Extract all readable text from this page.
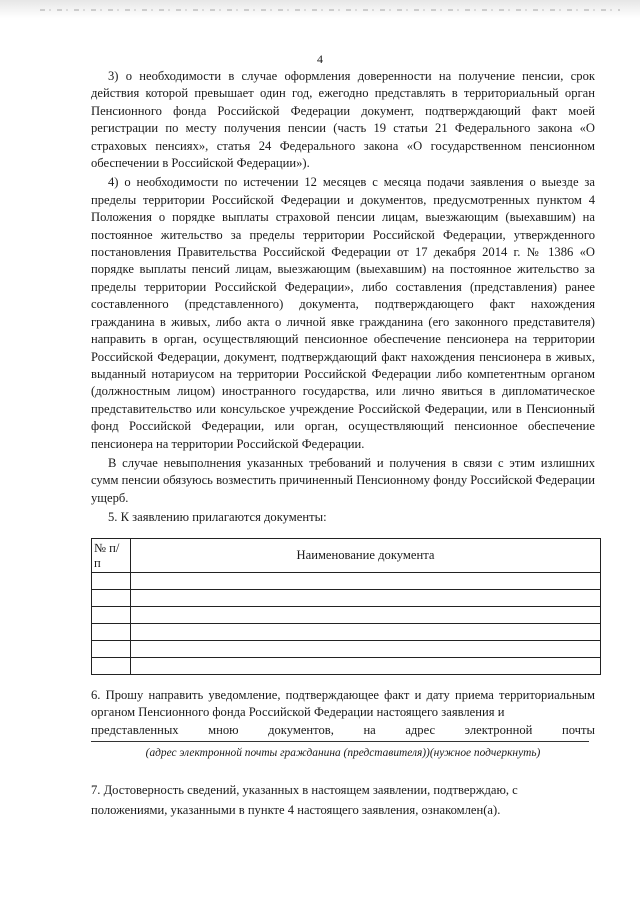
4

3) о необходимости в случае оформления доверенности на получение пенсии, срок действия которой превышает один год, ежегодно представлять в территориальный орган Пенсионного фонда Российской Федерации документ, подтверждающий факт моей регистрации по месту получения пенсии (часть 19 статьи 21 Федерального закона «О страховых пенсиях», статья 24 Федерального закона «О государственном пенсионном обеспечении в Российской Федерации»).

4) о необходимости по истечении 12 месяцев с месяца подачи заявления о выезде за пределы территории Российской Федерации и документов, предусмотренных пунктом 4 Положения о порядке выплаты страховой пенсии лицам, выезжающим (выехавшим) на постоянное жительство за пределы территории Российской Федерации, утвержденного постановления Правительства Российской Федерации от 17 декабря 2014 г. № 1386 «О порядке выплаты пенсий лицам, выезжающим (выехавшим) на постоянное жительство за пределы территории Российской Федерации», либо составления (представления) ранее составленного (представленного) документа, подтверждающего факт нахождения гражданина в живых, либо акта о личной явке гражданина (его законного представителя) направить в орган, осуществляющий пенсионное обеспечение пенсионера на территории Российской Федерации, документ, подтверждающий факт нахождения пенсионера в живых, выданный нотариусом на территории Российской Федерации либо компетентным органом (должностным лицом) иностранного государства, или лично явиться в дипломатическое представительство или консульское учреждение Российской Федерации, или в Пенсионный фонд Российской Федерации, или орган, осуществляющий пенсионное обеспечение пенсионера на территории Российской Федерации.

В случае невыполнения указанных требований и получения в связи с этим излишних сумм пенсии обязуюсь возместить причиненный Пенсионному фонду Российской Федерации ущерб.

5. К заявлению прилагаются документы:

№ п/п	Наименование документа

6. Прошу направить уведомление, подтверждающее факт и дату приема территориальным органом Пенсионного фонда Российской Федерации настоящего заявления и
представленных мною документов, на адрес электронной почты
(адрес электронной почты гражданина (представителя))(нужное подчеркнуть)
7. Достоверность сведений, указанных в настоящем заявлении, подтверждаю, с положениями, указанными в пункте 4 настоящего заявления, ознакомлен(а).
